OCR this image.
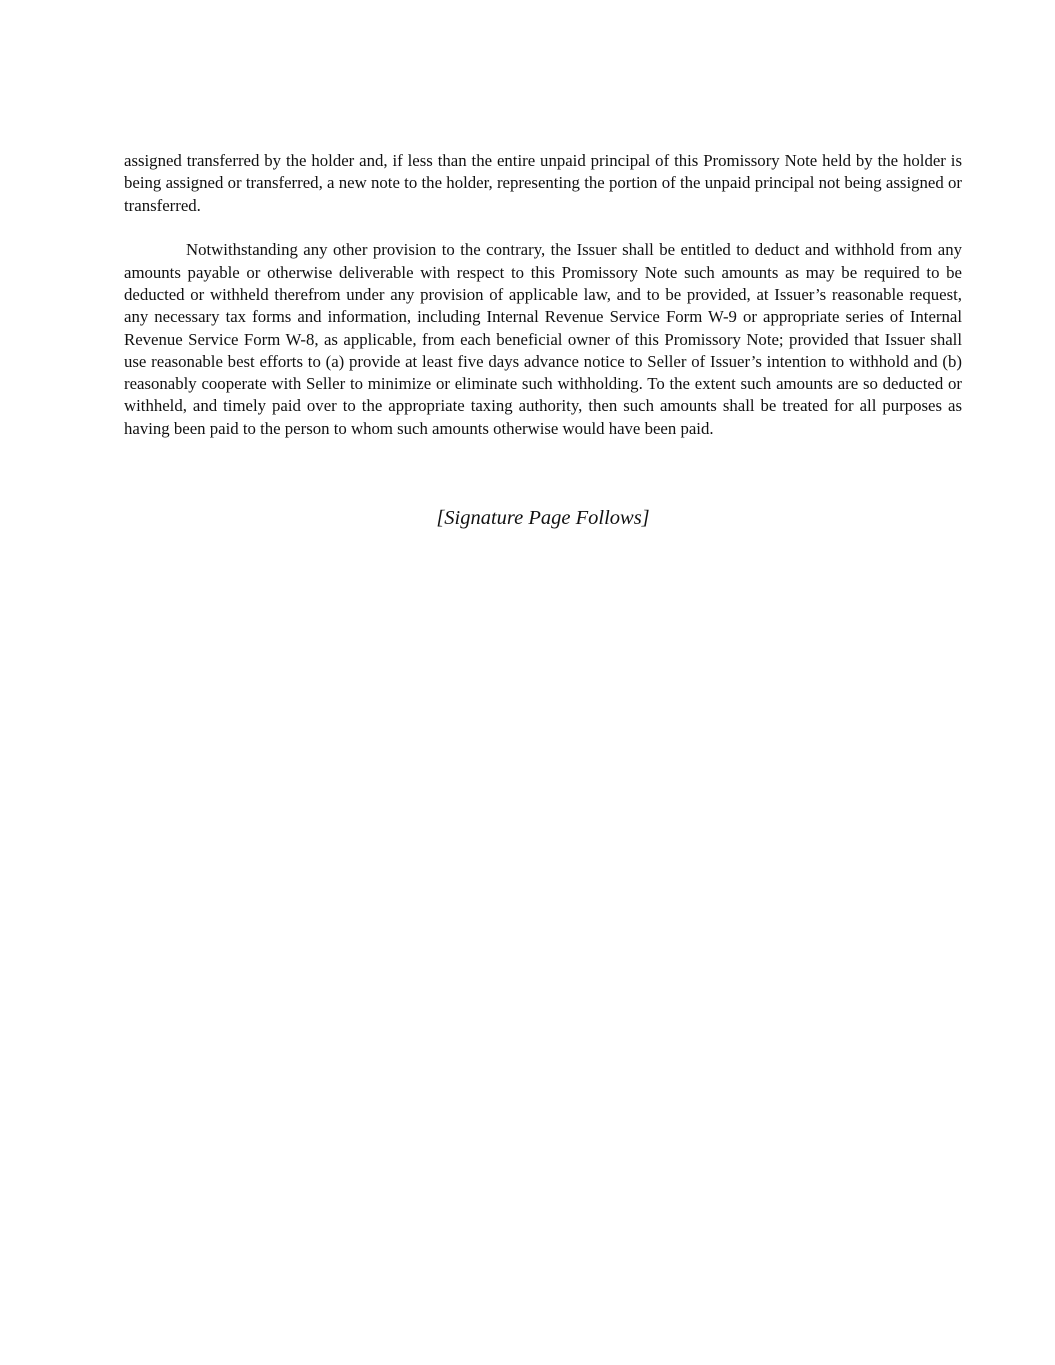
assigned transferred by the holder and, if less than the entire unpaid principal of this Promissory Note held by the holder is being assigned or transferred, a new note to the holder, representing the portion of the unpaid principal not being assigned or transferred.

Notwithstanding any other provision to the contrary, the Issuer shall be entitled to deduct and withhold from any amounts payable or otherwise deliverable with respect to this Promissory Note such amounts as may be required to be deducted or withheld therefrom under any provision of applicable law, and to be provided, at Issuer’s reasonable request, any necessary tax forms and information, including Internal Revenue Service Form W-9 or appropriate series of Internal Revenue Service Form W-8, as applicable, from each beneficial owner of this Promissory Note; provided that Issuer shall use reasonable best efforts to (a) provide at least five days advance notice to Seller of Issuer’s intention to withhold and (b) reasonably cooperate with Seller to minimize or eliminate such withholding. To the extent such amounts are so deducted or withheld, and timely paid over to the appropriate taxing authority, then such amounts shall be treated for all purposes as having been paid to the person to whom such amounts otherwise would have been paid.

[Signature Page Follows]
